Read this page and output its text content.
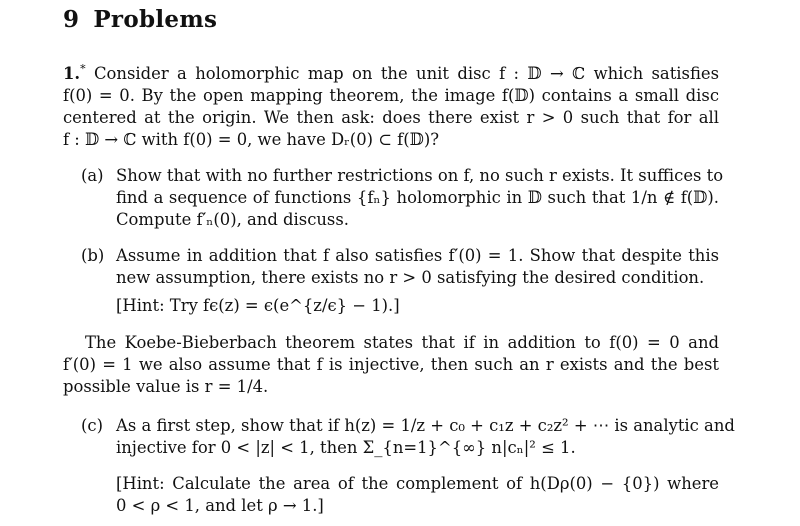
9 Problems
1.* Consider a holomorphic map on the unit disc f : 𝔻 → ℂ which satisfies
f(0) = 0. By the open mapping theorem, the image f(𝔻) contains a small disc
centered at the origin. We then ask: does there exist r > 0 such that for all
f : 𝔻 → ℂ with f(0) = 0, we have Dᵣ(0) ⊂ f(𝔻)?
(a) Show that with no further restrictions on f, no such r exists. It suffices to
find a sequence of functions {fₙ} holomorphic in 𝔻 such that 1/n ∉ f(𝔻).
Compute f′ₙ(0), and discuss.
(b) Assume in addition that f also satisfies f′(0) = 1. Show that despite this
new assumption, there exists no r > 0 satisfying the desired condition.
[Hint: Try fϵ(z) = ϵ(e^{z/ϵ} − 1).]
The Koebe-Bieberbach theorem states that if in addition to f(0) = 0 and
f′(0) = 1 we also assume that f is injective, then such an r exists and the best
possible value is r = 1/4.
(c) As a first step, show that if h(z) = 1/z + c₀ + c₁z + c₂z² + ⋯ is analytic and
injective for 0 < |z| < 1, then Σ_{n=1}^{∞} n|cₙ|² ≤ 1.
[Hint: Calculate the area of the complement of h(Dρ(0) − {0}) where
0 < ρ < 1, and let ρ → 1.]
